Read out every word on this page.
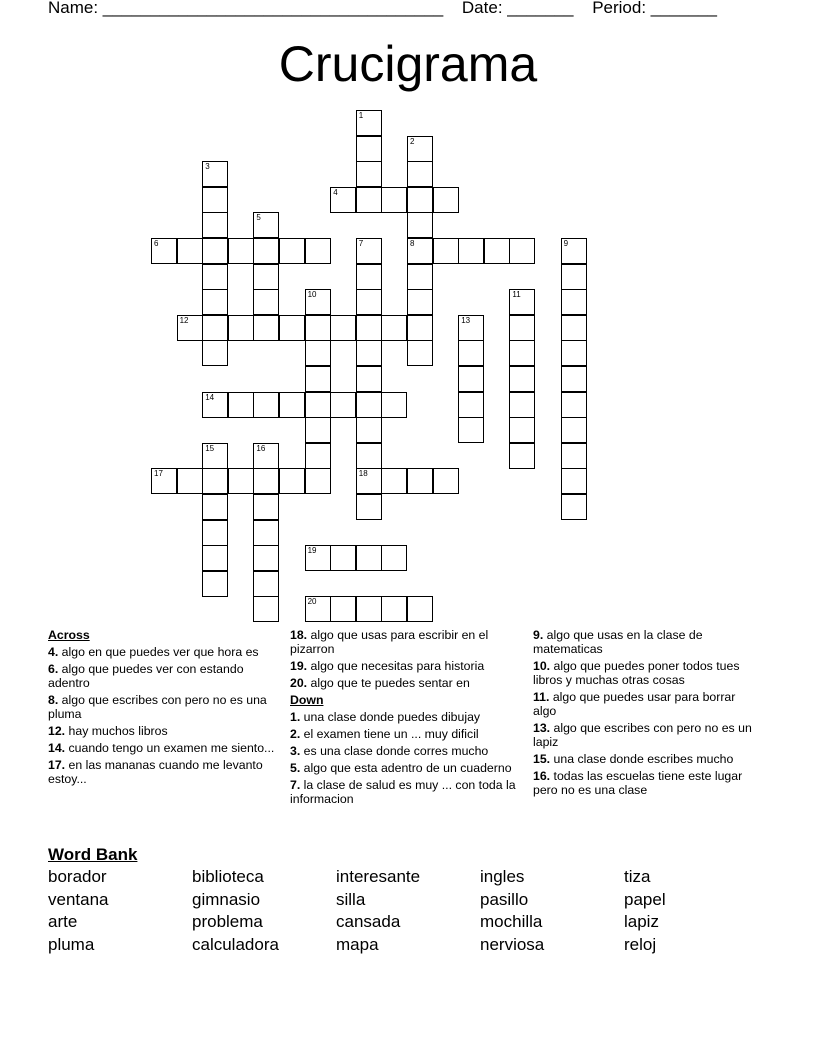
Name: ____________________________________ Date: _______ Period: _______
Crucigrama
1
2
8
3
4
5
6	7
18
9
10	11
12	13
14
15	16
17
19
20
Across
4. algo en que puedes ver que hora es
6. algo que puedes ver con estando adentro
8. algo que escribes con pero no es una pluma
12. hay muchos libros
14. cuando tengo un examen me siento...
17. en las mananas cuando me levanto estoy...
18. algo que usas para escribir en el pizarron
19. algo que necesitas para historia
20. algo que te puedes sentar en
Down
1. una clase donde puedes dibujay
2. el examen tiene un ... muy dificil
3. es una clase donde corres mucho
5. algo que esta adentro de un cuaderno
7. la clase de salud es muy ... con toda la informacion
9. algo que usas en la clase de matematicas
10. algo que puedes poner todos tues libros y muchas otras cosas
11. algo que puedes usar para borrar algo
13. algo que escribes con pero no es un lapiz
15. una clase donde escribes mucho
16. todas las escuelas tiene este lugar pero no es una clase
Word Bank
borador	biblioteca	interesante	ingles	tiza
ventana	gimnasio	silla	pasillo	papel
arte	problema	cansada	mochilla	lapiz
pluma	calculadora	mapa	nerviosa	reloj
